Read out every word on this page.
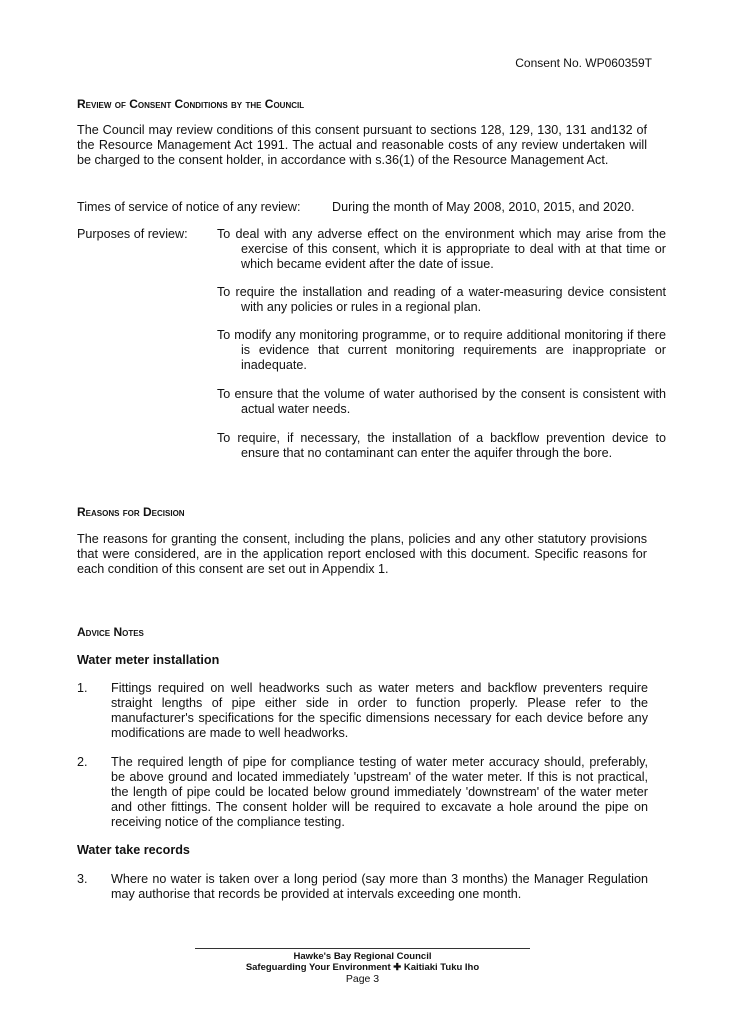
Consent No. WP060359T
Review of Consent Conditions by the Council
The Council may review conditions of this consent pursuant to sections 128, 129, 130, 131 and132 of the Resource Management Act 1991. The actual and reasonable costs of any review undertaken will be charged to the consent holder, in accordance with s.36(1) of the Resource Management Act.
Times of service of notice of any review: During the month of May 2008, 2010, 2015, and 2020.
Purposes of review: To deal with any adverse effect on the environment which may arise from the exercise of this consent, which it is appropriate to deal with at that time or which became evident after the date of issue.
To require the installation and reading of a water-measuring device consistent with any policies or rules in a regional plan.
To modify any monitoring programme, or to require additional monitoring if there is evidence that current monitoring requirements are inappropriate or inadequate.
To ensure that the volume of water authorised by the consent is consistent with actual water needs.
To require, if necessary, the installation of a backflow prevention device to ensure that no contaminant can enter the aquifer through the bore.
Reasons for Decision
The reasons for granting the consent, including the plans, policies and any other statutory provisions that were considered, are in the application report enclosed with this document. Specific reasons for each condition of this consent are set out in Appendix 1.
Advice Notes
Water meter installation
1. Fittings required on well headworks such as water meters and backflow preventers require straight lengths of pipe either side in order to function properly. Please refer to the manufacturer's specifications for the specific dimensions necessary for each device before any modifications are made to well headworks.
2. The required length of pipe for compliance testing of water meter accuracy should, preferably, be above ground and located immediately 'upstream' of the water meter. If this is not practical, the length of pipe could be located below ground immediately 'downstream' of the water meter and other fittings. The consent holder will be required to excavate a hole around the pipe on receiving notice of the compliance testing.
Water take records
3. Where no water is taken over a long period (say more than 3 months) the Manager Regulation may authorise that records be provided at intervals exceeding one month.
Hawke's Bay Regional Council
Safeguarding Your Environment ✚ Kaitiaki Tuku Iho
Page 3
